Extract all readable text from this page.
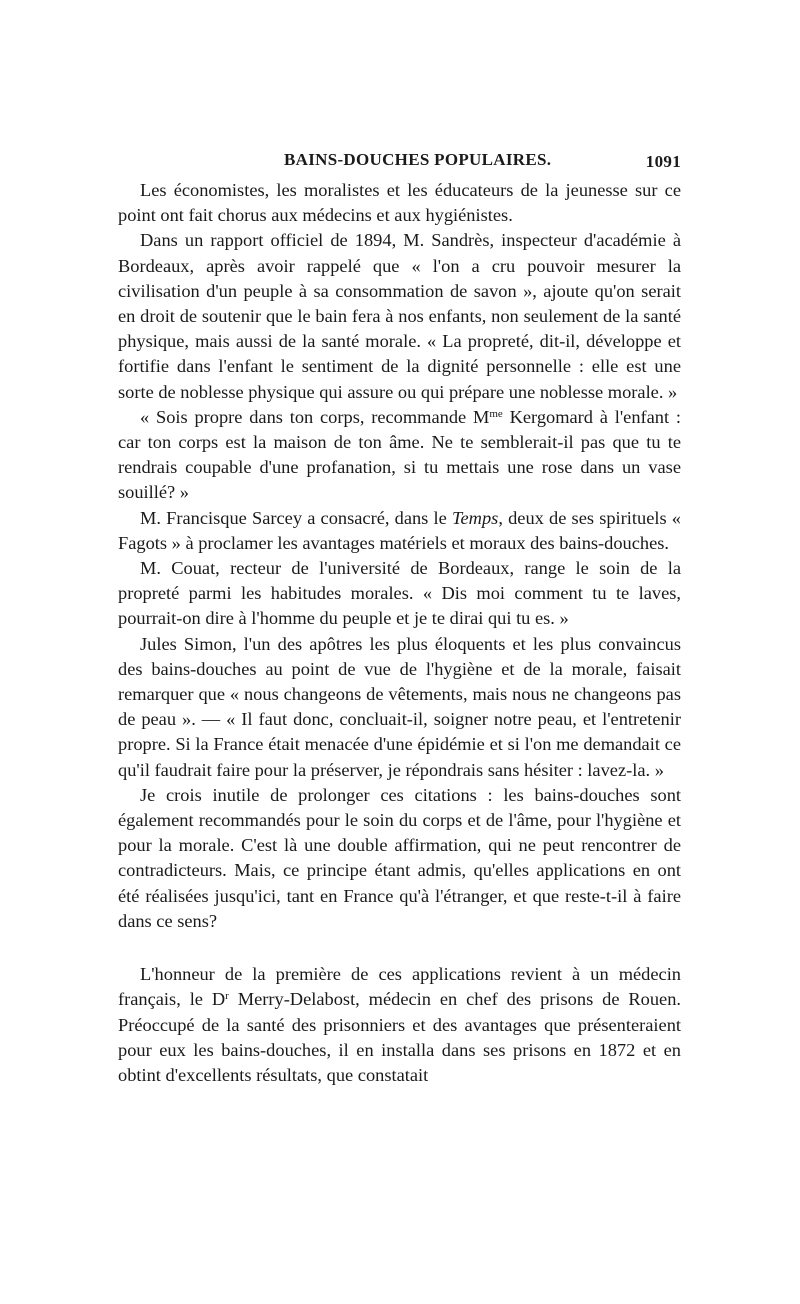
BAINS-DOUCHES POPULAIRES.	1091

Les économistes, les moralistes et les éducateurs de la jeunesse sur ce point ont fait chorus aux médecins et aux hygiénistes.

Dans un rapport officiel de 1894, M. Sandrès, inspecteur d'académie à Bordeaux, après avoir rappelé que « l'on a cru pouvoir mesurer la civilisation d'un peuple à sa consommation de savon », ajoute qu'on serait en droit de soutenir que le bain fera à nos enfants, non seulement de la santé physique, mais aussi de la santé morale. « La propreté, dit-il, développe et fortifie dans l'enfant le sentiment de la dignité personnelle : elle est une sorte de noblesse physique qui assure ou qui prépare une noblesse morale. »

« Sois propre dans ton corps, recommande $M^{me}$ Kergomard à l'enfant : car ton corps est la maison de ton âme. Ne te semblerait-il pas que tu te rendrais coupable d'une profanation, si tu mettais une rose dans un vase souillé? »

M. Francisque Sarcey a consacré, dans le Temps, deux de ses spirituels « Fagots » à proclamer les avantages matériels et moraux des bains-douches.

M. Couat, recteur de l'université de Bordeaux, range le soin de la propreté parmi les habitudes morales. « Dis moi comment tu te laves, pourrait-on dire à l'homme du peuple et je te dirai qui tu es. »

Jules Simon, l'un des apôtres les plus éloquents et les plus convaincus des bains-douches au point de vue de l'hygiène et de la morale, faisait remarquer que « nous changeons de vêtements, mais nous ne changeons pas de peau ». — « Il faut donc, concluait-il, soigner notre peau, et l'entretenir propre. Si la France était menacée d'une épidémie et si l'on me demandait ce qu'il faudrait faire pour la préserver, je répondrais sans hésiter : lavez-la. »

Je crois inutile de prolonger ces citations : les bains-douches sont également recommandés pour le soin du corps et de l'âme, pour l'hygiène et pour la morale. C'est là une double affirmation, qui ne peut rencontrer de contradicteurs. Mais, ce principe étant admis, qu'elles applications en ont été réalisées jusqu'ici, tant en France qu'à l'étranger, et que reste-t-il à faire dans ce sens?

L'honneur de la première de ces applications revient à un médecin français, le $D^r$ Merry-Delabost, médecin en chef des prisons de Rouen. Préoccupé de la santé des prisonniers et des avantages que présenteraient pour eux les bains-douches, il en installa dans ses prisons en 1872 et en obtint d'excellents résultats, que constatait
